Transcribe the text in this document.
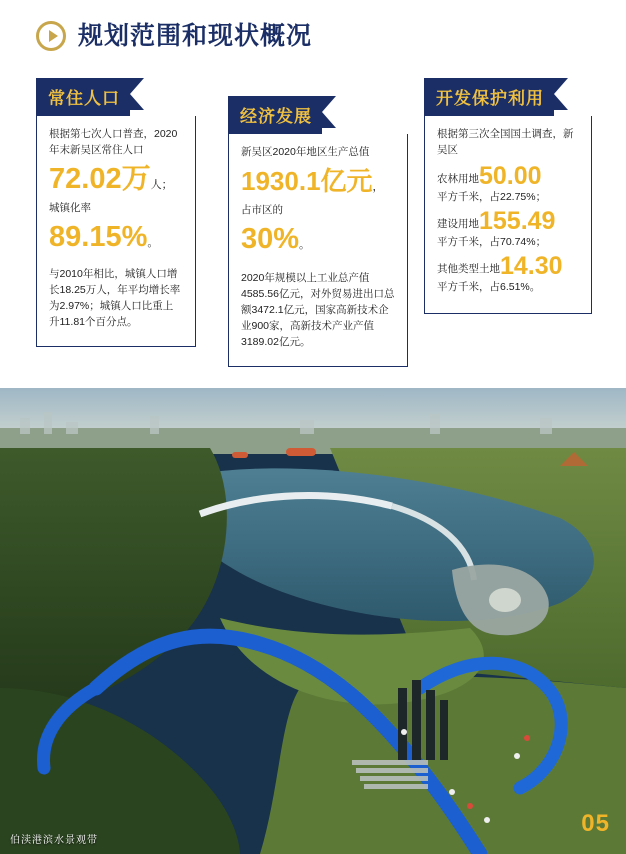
规划范围和现状概况
常住人口

根据第七次人口普查，2020年末新吴区常住人口

72.02万人；
城镇化率
89.15%。

与2010年相比，城镇人口增长18.25万人，年平均增长率为2.97%；城镇人口比重上升11.81个百分点。

经济发展

新吴区2020年地区生产总值

1930.1亿元，
占市区的
30%。

2020年规模以上工业总产值4585.56亿元，对外贸易进出口总额3472.1亿元，国家高新技术企业900家，高新技术产业产值3189.02亿元。

开发保护利用

根据第三次全国国土调查，新吴区

农林用地50.00
平方千米，占22.75%；
建设用地155.49
平方千米，占70.74%；
其他类型土地14.30
平方千米，占6.51%。
伯渎港滨水景观带
05
